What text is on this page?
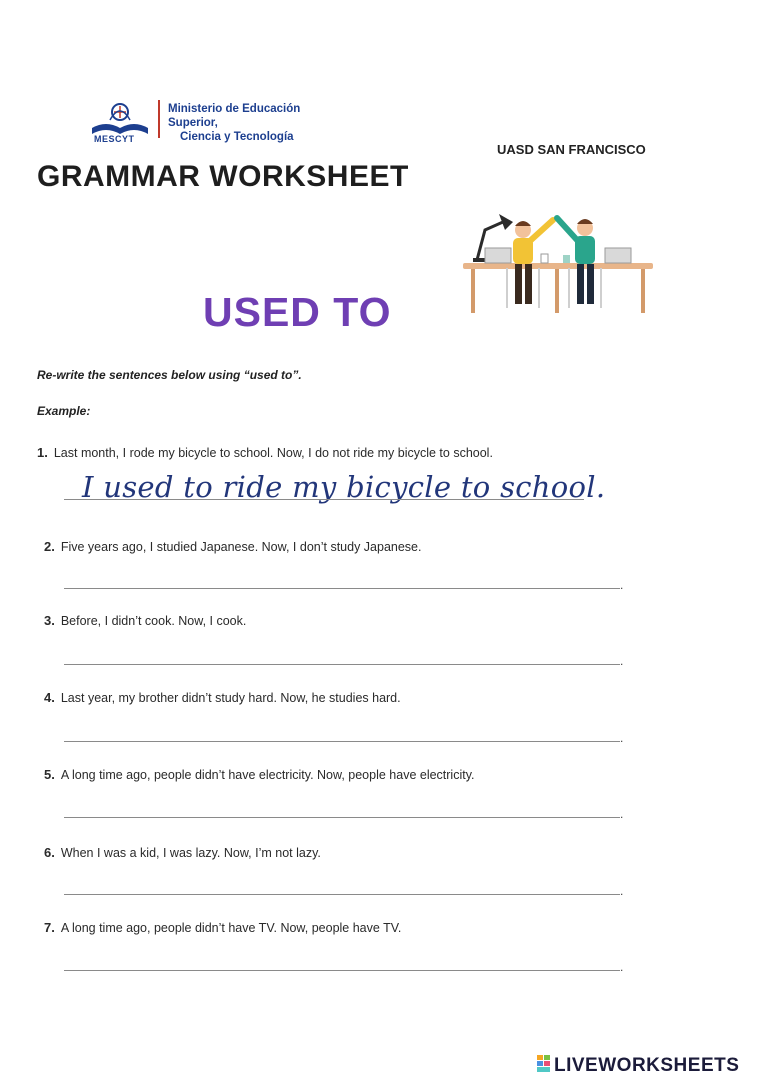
MESCYT
Ministerio de Educación Superior,
Ciencia y Tecnología
UASD SAN FRANCISCO
GRAMMAR WORKSHEET
USED TO
Re-write the sentences below using “used to”.
Example:
1. Last month, I rode my bicycle to school. Now, I do not ride my bicycle to school.
I used to ride my bicycle to school.
2. Five years ago, I studied Japanese. Now, I don’t study Japanese.
.
3. Before, I didn’t cook. Now, I cook.
.
4. Last year, my brother didn’t study hard. Now, he studies hard.
.
5. A long time ago, people didn’t have electricity. Now, people have electricity.
.
6. When I was a kid, I was lazy. Now, I’m not lazy.
.
7. A long time ago, people didn’t have TV. Now, people have TV.
.
LIVEWORKSHEETS
